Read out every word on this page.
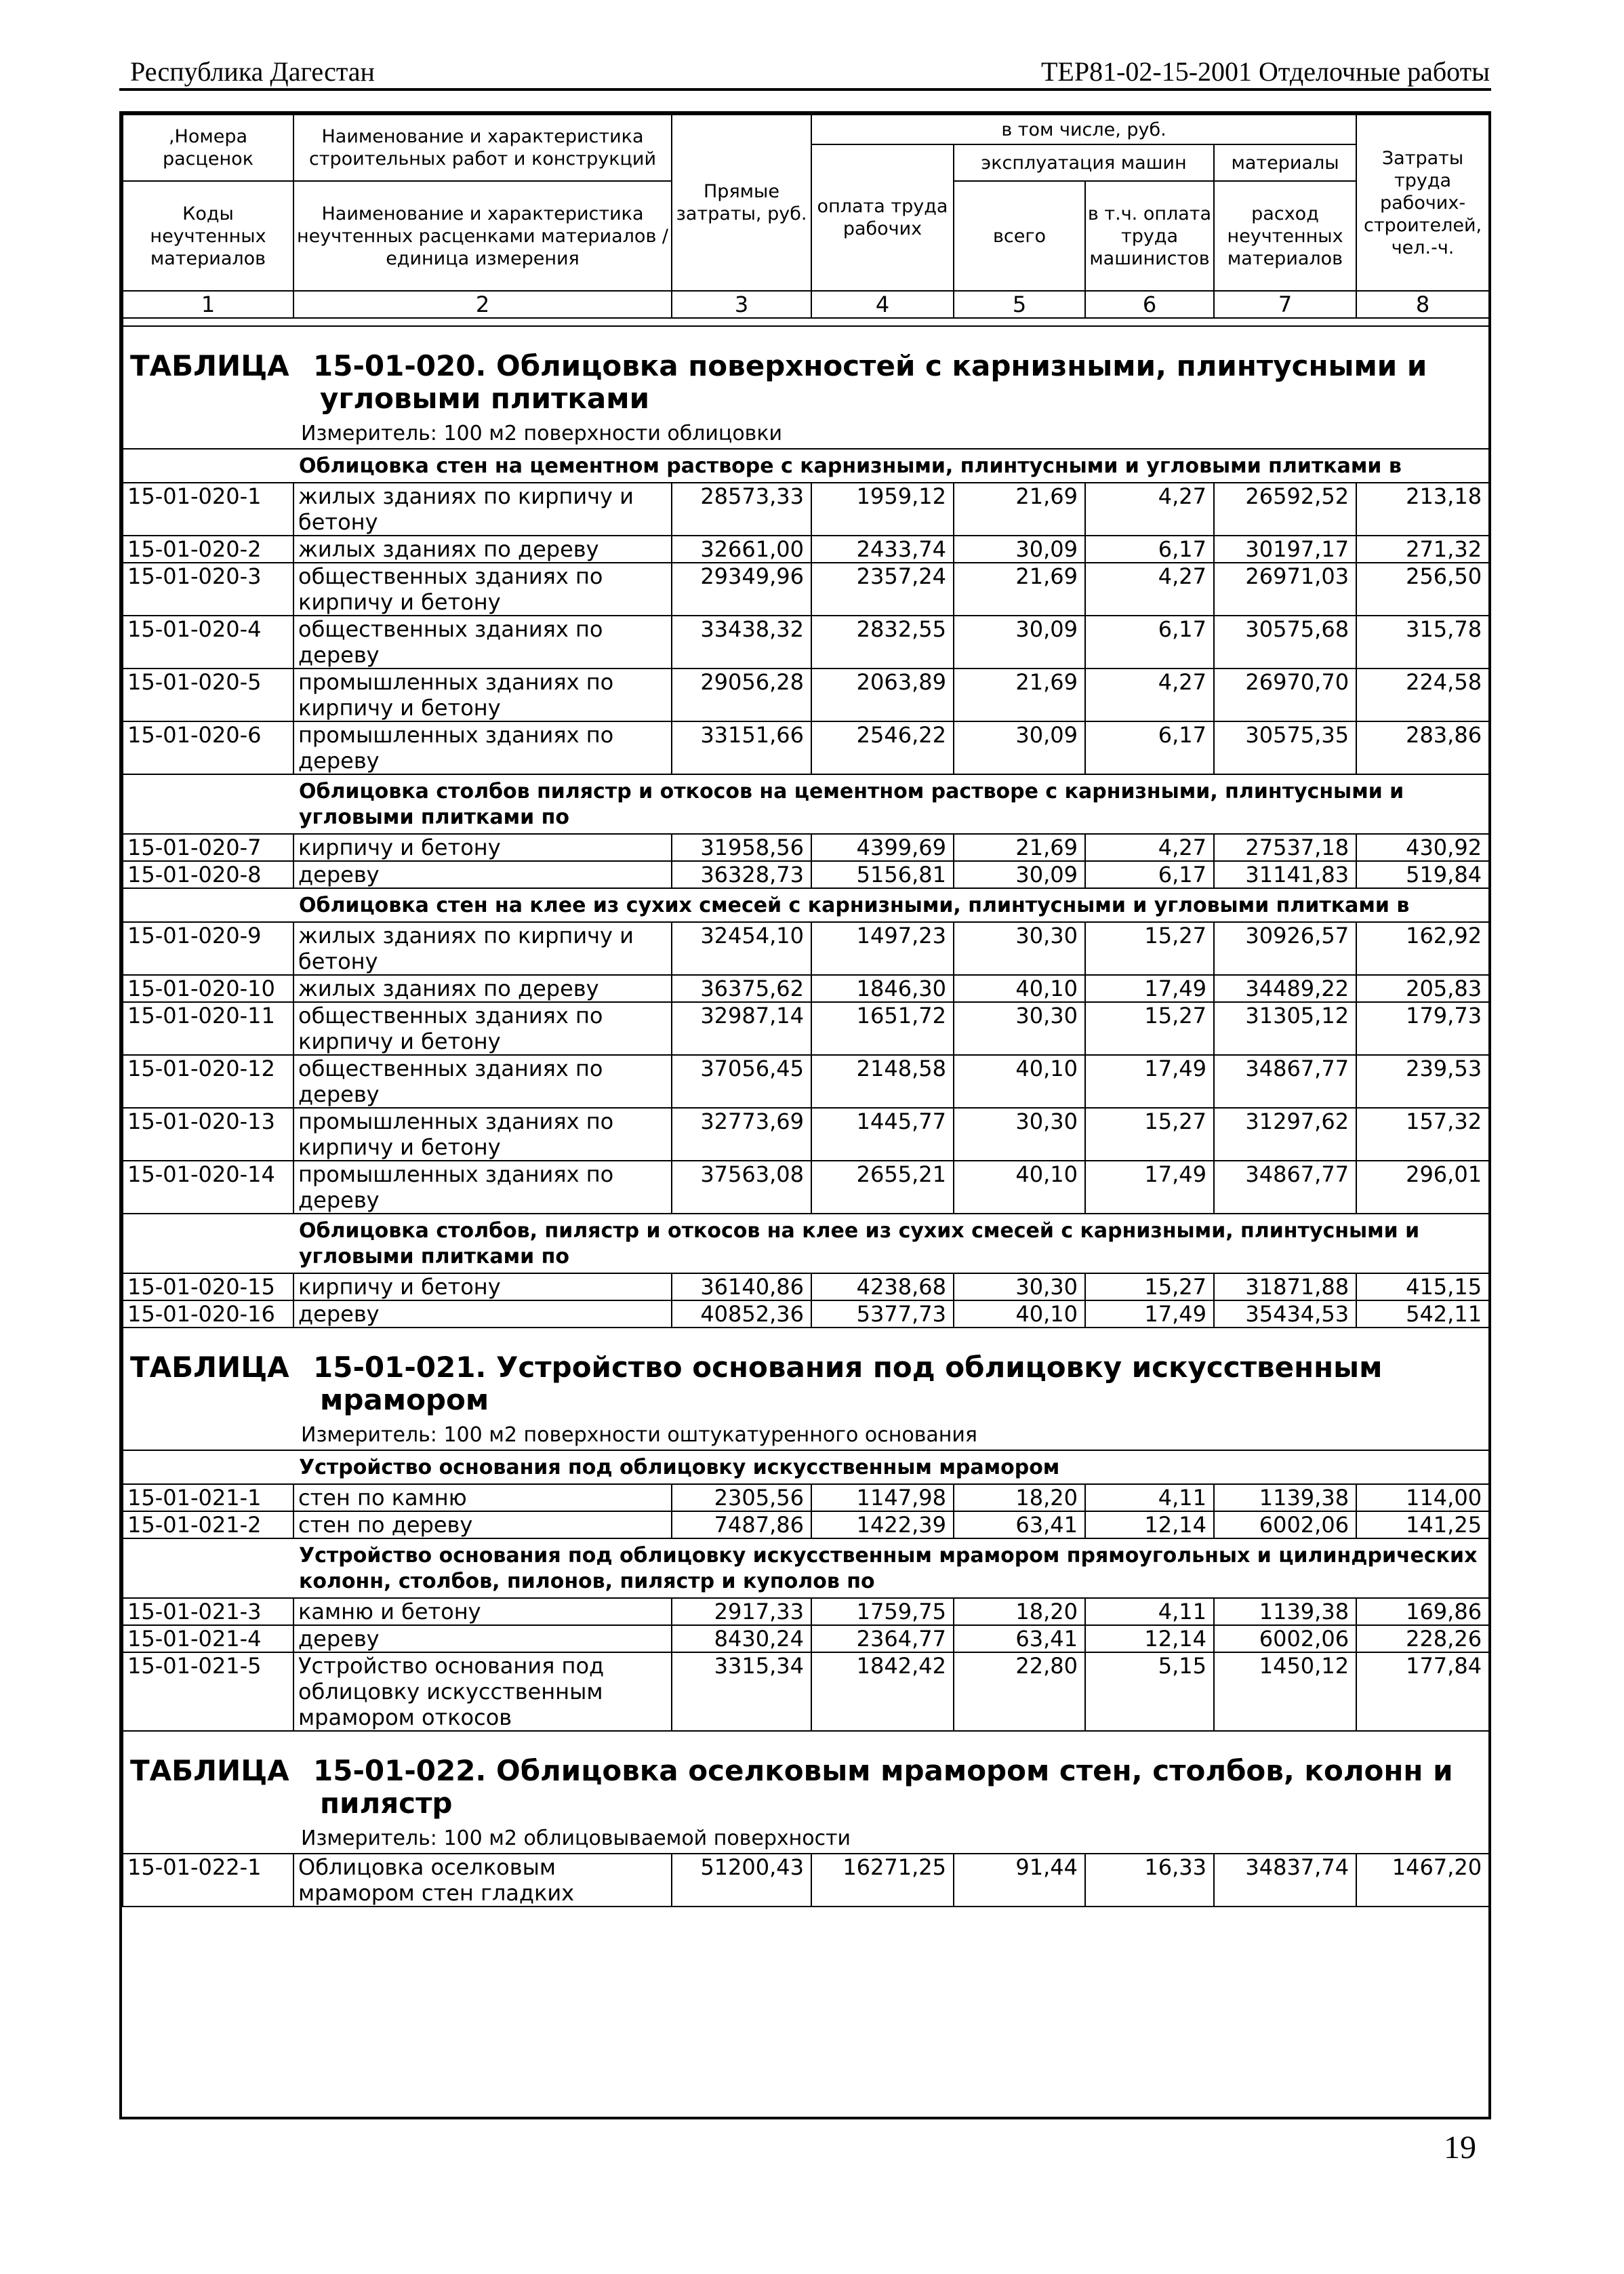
Республика Дагестан	ТЕР81-02-15-2001 Отделочные работы
,Номера расценок	Наименование и характеристика строительных работ и конструкций	Прямые затраты, руб.	в том числе, руб.				Затраты труда рабочих-строителей, чел.-ч.
			оплата труда рабочих	эксплуатация машин		материалы	
Коды неучтенных материалов	Наименование и характеристика неучтенных расценками материалов / единица измерения			всего	в т.ч. оплата труда машинистов	расход неучтенных материалов	

1	2	3	4	5	6	7	8

ТАБЛИЦА 15-01-020. Облицовка поверхностей с карнизными, плинтусными и
угловыми плитками							

Измеритель: 100 м2 поверхности облицовки							
	Облицовка стен на цементном растворе с карнизными, плинтусными и угловыми плитками в						
15-01-020-1	жилых зданиях по кирпичу и бетону	28573,33	1959,12	21,69	4,27	26592,52	213,18
15-01-020-2	жилых зданиях по дереву	32661,00	2433,74	30,09	6,17	30197,17	271,32
15-01-020-3	общественных зданиях по кирпичу и бетону	29349,96	2357,24	21,69	4,27	26971,03	256,50
15-01-020-4	общественных зданиях по дереву	33438,32	2832,55	30,09	6,17	30575,68	315,78
15-01-020-5	промышленных зданиях по кирпичу и бетону	29056,28	2063,89	21,69	4,27	26970,70	224,58
15-01-020-6	промышленных зданиях по дереву	33151,66	2546,22	30,09	6,17	30575,35	283,86
	Облицовка столбов пилястр и откосов на цементном растворе с карнизными, плинтусными и угловыми плитками по						
15-01-020-7	кирпичу и бетону	31958,56	4399,69	21,69	4,27	27537,18	430,92
15-01-020-8	дереву	36328,73	5156,81	30,09	6,17	31141,83	519,84
	Облицовка стен на клее из сухих смесей с карнизными, плинтусными и угловыми плитками в						
15-01-020-9	жилых зданиях по кирпичу и бетону	32454,10	1497,23	30,30	15,27	30926,57	162,92
15-01-020-10	жилых зданиях по дереву	36375,62	1846,30	40,10	17,49	34489,22	205,83
15-01-020-11	общественных зданиях по кирпичу и бетону	32987,14	1651,72	30,30	15,27	31305,12	179,73
15-01-020-12	общественных зданиях по дереву	37056,45	2148,58	40,10	17,49	34867,77	239,53
15-01-020-13	промышленных зданиях по кирпичу и бетону	32773,69	1445,77	30,30	15,27	31297,62	157,32
15-01-020-14	промышленных зданиях по дереву	37563,08	2655,21	40,10	17,49	34867,77	296,01
	Облицовка столбов, пилястр и откосов на клее из сухих смесей с карнизными, плинтусными и угловыми плитками по						
15-01-020-15	кирпичу и бетону	36140,86	4238,68	30,30	15,27	31871,88	415,15
15-01-020-16	дереву	40852,36	5377,73	40,10	17,49	35434,53	542,11
ТАБЛИЦА 15-01-021. Устройство основания под облицовку искусственным
мрамором							

Измеритель: 100 м2 поверхности оштукатуренного основания							
	Устройство основания под облицовку искусственным мрамором						
15-01-021-1	стен по камню	2305,56	1147,98	18,20	4,11	1139,38	114,00
15-01-021-2	стен по дереву	7487,86	1422,39	63,41	12,14	6002,06	141,25
	Устройство основания под облицовку искусственным мрамором прямоугольных и цилиндрических колонн, столбов, пилонов, пилястр и куполов по						
15-01-021-3	камню и бетону	2917,33	1759,75	18,20	4,11	1139,38	169,86
15-01-021-4	дереву	8430,24	2364,77	63,41	12,14	6002,06	228,26
15-01-021-5	Устройство основания под облицовку искусственным мрамором откосов	3315,34	1842,42	22,80	5,15	1450,12	177,84
ТАБЛИЦА 15-01-022. Облицовка оселковым мрамором стен, столбов, колонн и
пилястр							

Измеритель: 100 м2 облицовываемой поверхности							
15-01-022-1	Облицовка оселковым мрамором стен гладких	51200,43	16271,25	91,44	16,33	34837,74	1467,20
19
